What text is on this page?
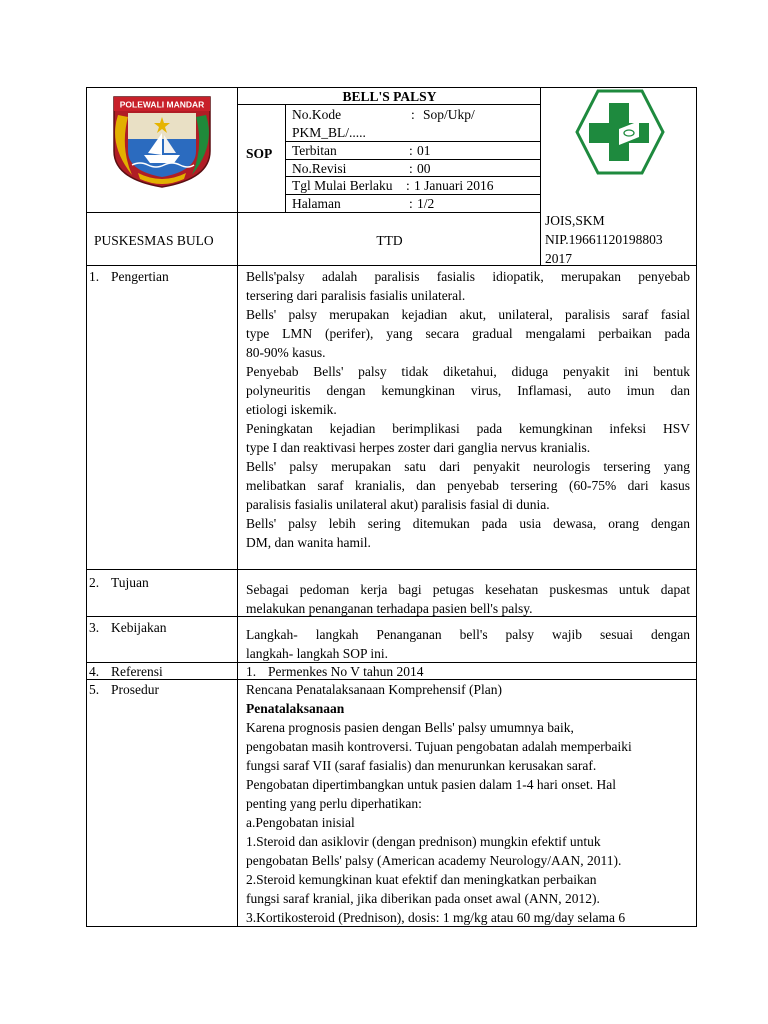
POLEWALI MANDAR
BELL'S PALSY
SOP
No.Kode	: Sop/Ukp/
PKM_BL/.....
Terbitan	: 01
No.Revisi	: 00
Tgl Mulai Berlaku : 1 Januari 2016
Halaman	: 1/2
PUSKESMAS BULO	TTD
JOIS,SKM
NIP.19661120198803
2017
1. Pengertian	Bells'palsy adalah paralisis fasialis idiopatik, merupakan penyebab
tersering dari paralisis fasialis unilateral.
Bells' palsy merupakan kejadian akut, unilateral, paralisis saraf fasial
type LMN (perifer), yang secara gradual mengalami perbaikan pada
80-90% kasus.
Penyebab Bells' palsy tidak diketahui, diduga penyakit ini bentuk
polyneuritis dengan kemungkinan virus, Inflamasi, auto imun dan
etiologi iskemik.
Peningkatan kejadian berimplikasi pada kemungkinan infeksi HSV
type I dan reaktivasi herpes zoster dari ganglia nervus kranialis.
Bells' palsy merupakan satu dari penyakit neurologis tersering yang
melibatkan saraf kranialis, dan penyebab tersering (60-75% dari kasus
paralisis fasialis unilateral akut) paralisis fasial di dunia.
Bells' palsy lebih sering ditemukan pada usia dewasa, orang dengan
DM, dan wanita hamil.
2. Tujuan	Sebagai pedoman kerja bagi petugas kesehatan puskesmas untuk dapat
melakukan penanganan terhadapa pasien bell's palsy.
3. Kebijakan	Langkah- langkah Penanganan bell's palsy wajib sesuai dengan
langkah- langkah SOP ini.
4. Referensi	1. Permenkes No V tahun 2014
5. Prosedur	Rencana Penatalaksanaan Komprehensif (Plan)
Penatalaksanaan
Karena prognosis pasien dengan Bells' palsy umumnya baik,
pengobatan masih kontroversi. Tujuan pengobatan adalah memperbaiki
fungsi saraf VII (saraf fasialis) dan menurunkan kerusakan saraf.
Pengobatan dipertimbangkan untuk pasien dalam 1-4 hari onset. Hal
penting yang perlu diperhatikan:
a.Pengobatan inisial
1.Steroid dan asiklovir (dengan prednison) mungkin efektif untuk
pengobatan Bells' palsy (American academy Neurology/AAN, 2011).
2.Steroid kemungkinan kuat efektif dan meningkatkan perbaikan
fungsi saraf kranial, jika diberikan pada onset awal (ANN, 2012).
3.Kortikosteroid (Prednison), dosis: 1 mg/kg atau 60 mg/day selama 6
